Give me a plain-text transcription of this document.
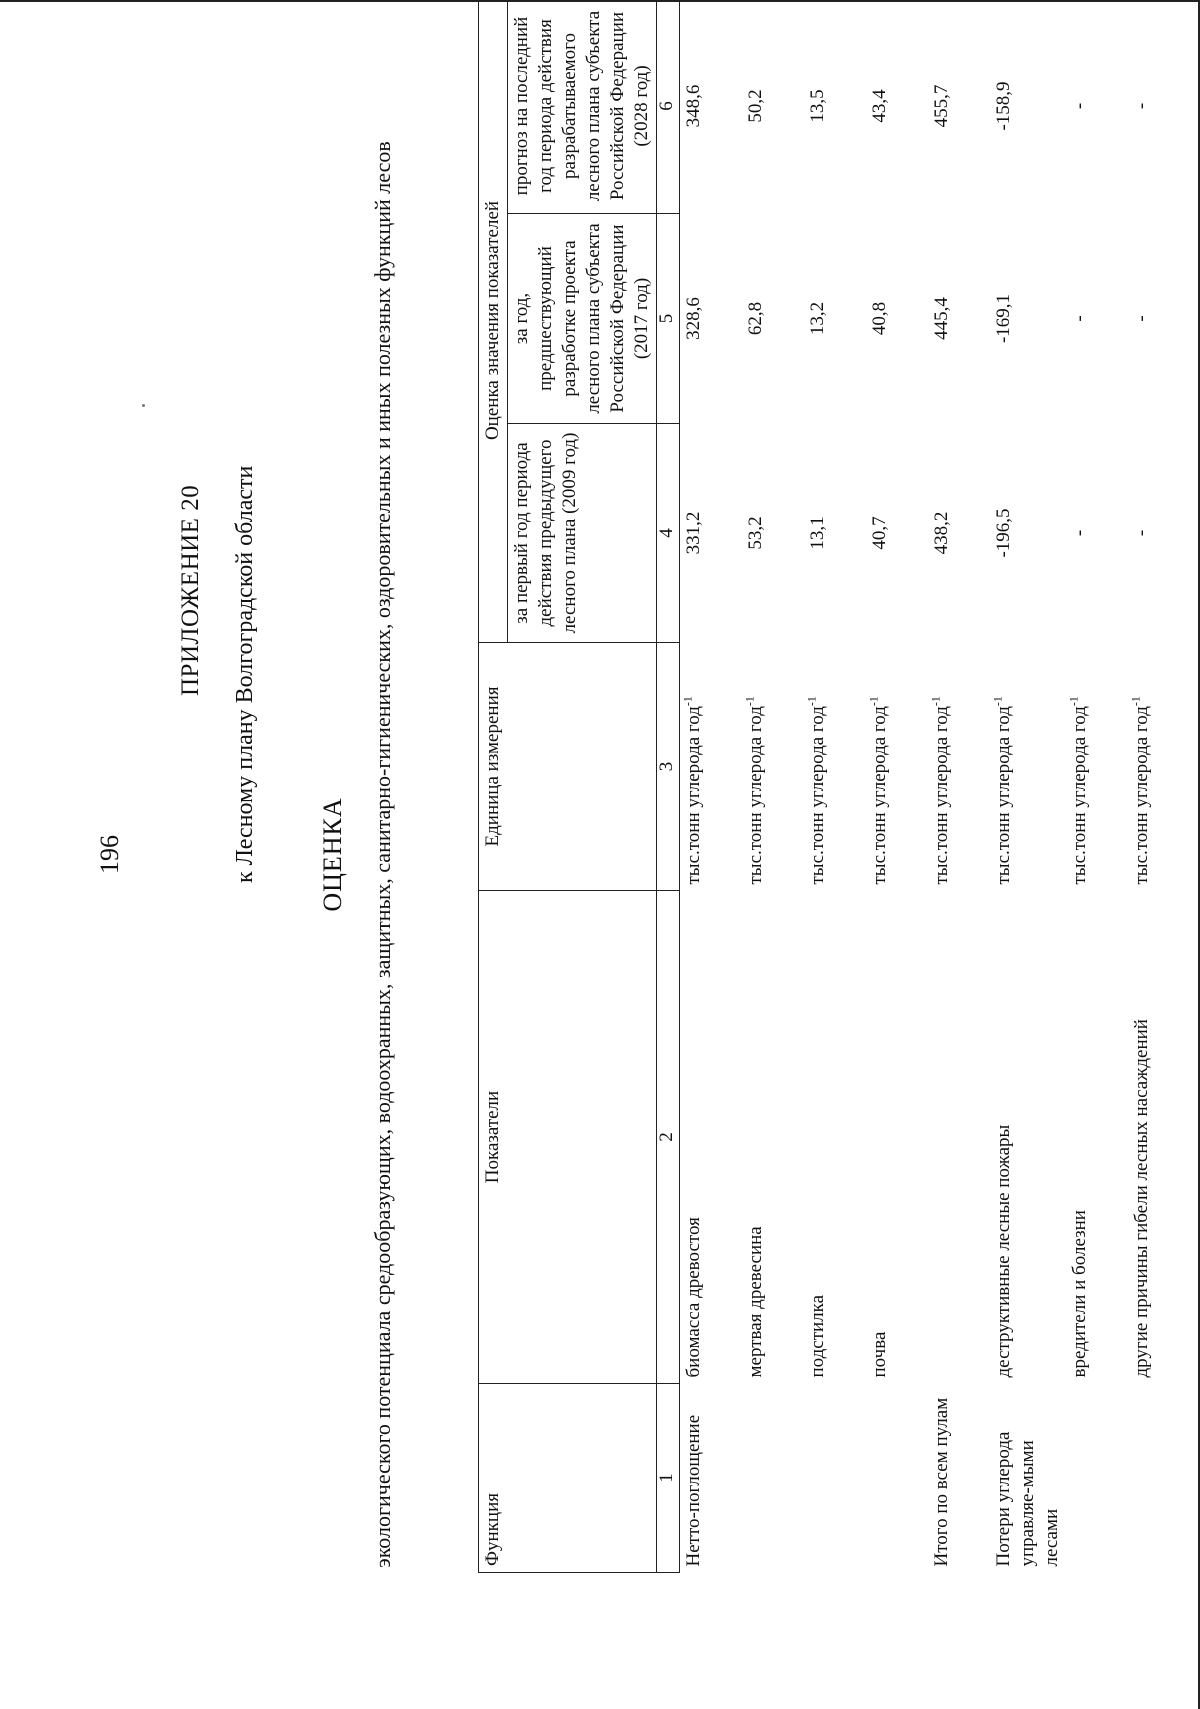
196
ПРИЛОЖЕНИЕ 20 к Лесному плану Волгоградской области ОЦЕНКА экологического потенциала средообразующих, водоохранных, защитных, санитарно-гигиенических, оздоровительных и иных полезных функций лесов	Функция	Показатели	Единица измерения	Оценка значения показателей		
			за первый год периода действия предыдущего лесного плана (2009 год)	за год, предшествующий разработке проекта лесного плана субъекта Российской Федерации (2017 год)	прогноз на последний год периода действия разрабатываемого лесного плана субъекта Российской Федерации (2028 год)
1	2	3	4	5	6
Нетто-поглощение	биомасса древостоя	тыс.тонн углерода год$^{-1}$	331,2	328,6	348,6
	мертвая древесина	тыс.тонн углерода год$^{-1}$	53,2	62,8	50,2
	подстилка	тыс.тонн углерода год$^{-1}$	13,1	13,2	13,5
	почва	тыс.тонн углерода год$^{-1}$	40,7	40,8	43,4
Итого по всем пулам		тыс.тонн углерода год$^{-1}$	438,2	445,4	455,7
Потери углерода управляе-мыми лесами	деструктивные лесные пожары	тыс.тонн углерода год$^{-1}$	-196,5	-169,1	-158,9
	вредители и болезни	тыс.тонн углерода год$^{-1}$	-	-	-
	другие причины гибели лесных насаждений	тыс.тонн углерода год$^{-1}$	-	-	-
